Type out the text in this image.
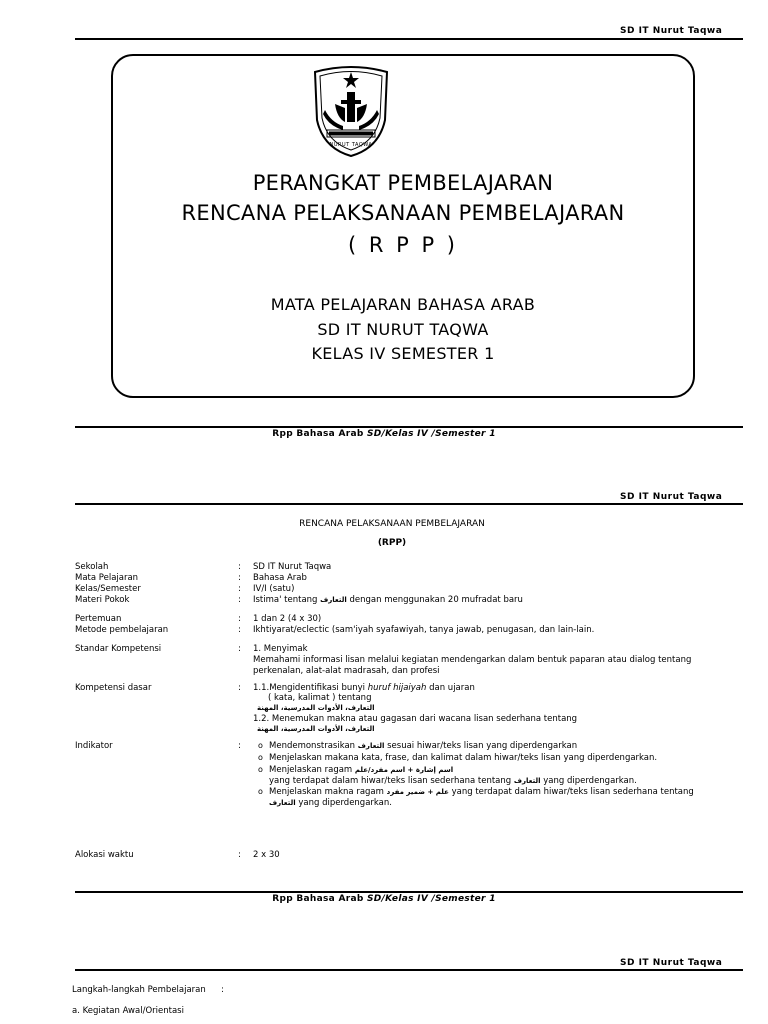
SD IT Nurut Taqwa
NURUT TAQWA
PERANGKAT PEMBELAJARAN
RENCANA PELAKSANAAN PEMBELAJARAN
( R P P )
MATA PELAJARAN BAHASA ARAB
SD IT NURUT TAQWA
KELAS IV SEMESTER 1
Rpp Bahasa Arab SD/Kelas IV /Semester 1
SD IT Nurut Taqwa
RENCANA PELAKSANAAN PEMBELAJARAN
(RPP)
Sekolah	: SD IT Nurut Taqwa
Mata Pelajaran	: Bahasa Arab
Kelas/Semester	: IV/I (satu)
Materi Pokok	: Istima' tentang التعارف dengan menggunakan 20 mufradat baru
Pertemuan	: 1 dan 2 (4 x 30)
Metode pembelajaran	: Ikhtiyarat/eclectic (sam'iyah syafawiyah, tanya jawab, penugasan, dan lain-lain.
Standar Kompetensi	: 1. Menyimak
Memahami informasi lisan melalui kegiatan mendengarkan dalam bentuk paparan atau dialog tentang
perkenalan, alat-alat madrasah, dan profesi
Kompetensi dasar	: 1.1.Mengidentifikasi bunyi huruf hijaiyah dan ujaran
( kata, kalimat ) tentang
التعارف، الأدوات المدرسية، المهنة
1.2. Menemukan makna atau gagasan dari wacana lisan sederhana tentang
التعارف، الأدوات المدرسية، المهنة
Indikator	: o Mendemonstrasikan التعارف sesuai hiwar/teks lisan yang diperdengarkan
o Menjelaskan makana kata, frase, dan kalimat dalam hiwar/teks lisan yang diperdengarkan.
o Menjelaskan ragam اسم إشارة + اسم مفرد/علم
yang terdapat dalam hiwar/teks lisan sederhana tentang التعارف yang diperdengarkan.
o Menjelaskan makna ragam علم + ضمير مفرد yang terdapat dalam hiwar/teks lisan sederhana tentang
التعارف yang diperdengarkan.
Alokasi waktu	: 2 x 30
Rpp Bahasa Arab SD/Kelas IV /Semester 1
SD IT Nurut Taqwa
Langkah-langkah Pembelajaran :
a. Kegiatan Awal/Orientasi
